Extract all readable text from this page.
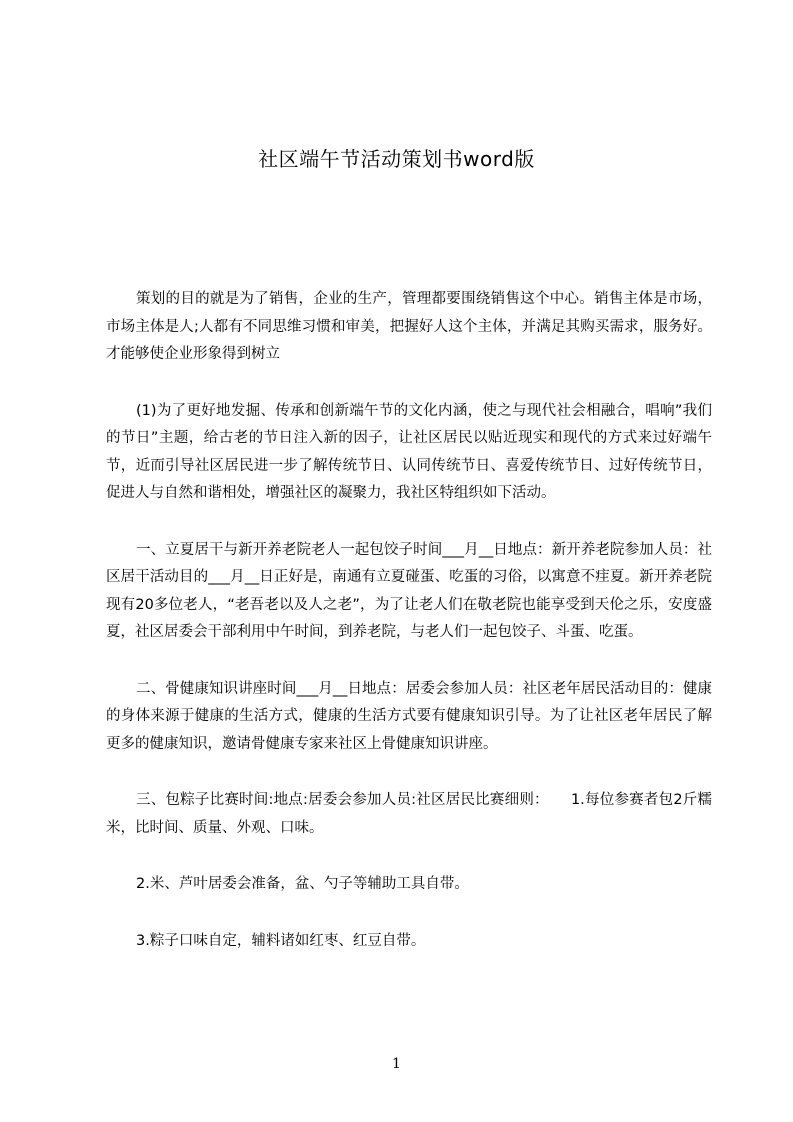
社区端午节活动策划书word版

策划的目的就是为了销售，企业的生产，管理都要围绕销售这个中心。销售主体是市场，市场主体是人;人都有不同思维习惯和审美，把握好人这个主体，并满足其购买需求，服务好。才能够使企业形象得到树立

(1)为了更好地发掘、传承和创新端午节的文化内涵，使之与现代社会相融合，唱响”我们的节日”主题，给古老的节日注入新的因子，让社区居民以贴近现实和现代的方式来过好端午节，近而引导社区居民进一步了解传统节日、认同传统节日、喜爱传统节日、过好传统节日，促进人与自然和谐相处，增强社区的凝聚力，我社区特组织如下活动。

一、立夏居干与新开养老院老人一起包饺子时间___月__日地点：新开养老院参加人员：社区居干活动目的___月__日正好是，南通有立夏碰蛋、吃蛋的习俗，以寓意不疰夏。新开养老院现有20多位老人，“老吾老以及人之老”，为了让老人们在敬老院也能享受到天伦之乐，安度盛夏，社区居委会干部利用中午时间，到养老院，与老人们一起包饺子、斗蛋、吃蛋。

二、骨健康知识讲座时间___月__日地点：居委会参加人员：社区老年居民活动目的：健康的身体来源于健康的生活方式，健康的生活方式要有健康知识引导。为了让社区老年居民了解更多的健康知识，邀请骨健康专家来社区上骨健康知识讲座。

三、包粽子比赛时间:地点:居委会参加人员:社区居民比赛细则：　　1.每位参赛者包2斤糯米，比时间、质量、外观、口味。

2.米、芦叶居委会准备，盆、勺子等辅助工具自带。

3.粽子口味自定，辅料诸如红枣、红豆自带。

1
